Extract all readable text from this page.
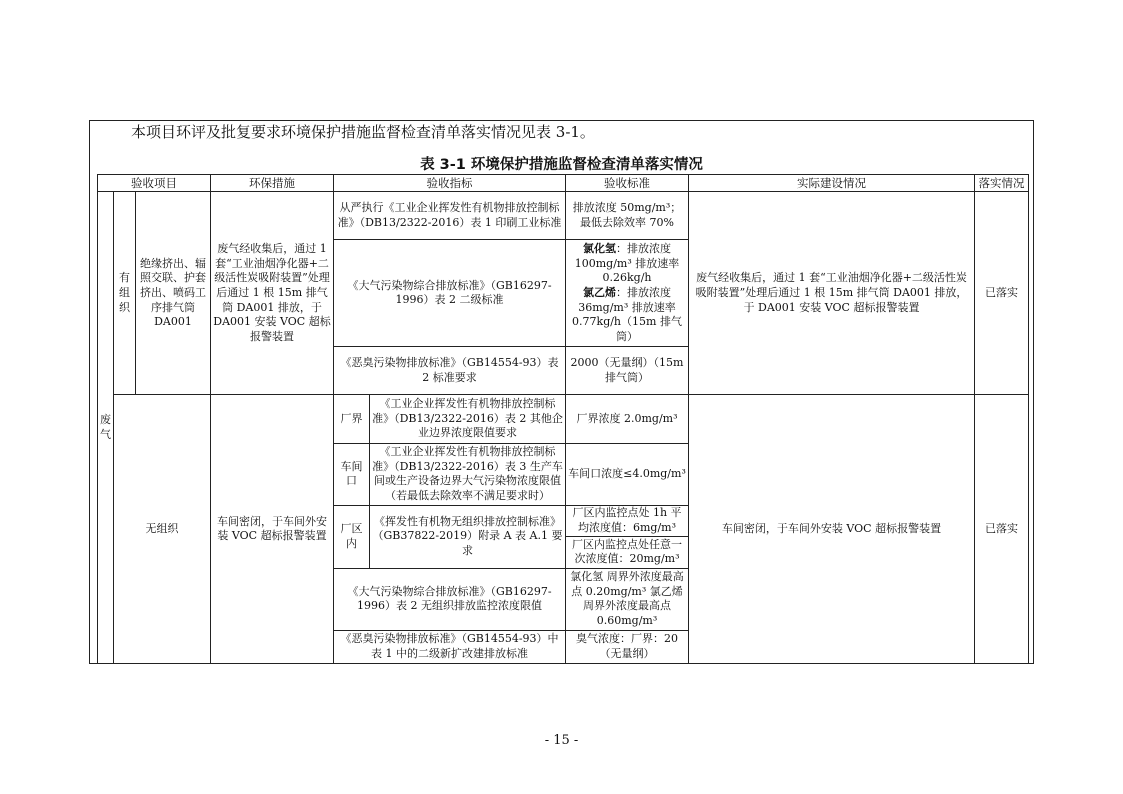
本项目环评及批复要求环境保护措施监督检查清单落实情况见表 3-1。
表 3-1 环境保护措施监督检查清单落实情况
验收项目			环保措施	验收指标		验收标准	实际建设情况	落实情况
废气	有组织	绝缘挤出、辐照交联、护套挤出、喷码工序排气筒DA001	废气经收集后，通过 1 套“工业油烟净化器+二级活性炭吸附装置”处理后通过 1 根 15m 排气筒 DA001 排放，于 DA001 安装 VOC 超标报警装置	从严执行《工业企业挥发性有机物排放控制标准》（DB13/2322-2016）表 1 印刷工业标准		排放浓度 50mg/m³；最低去除效率 70%	废气经收集后，通过 1 套“工业油烟净化器+二级活性炭吸附装置”处理后通过 1 根 15m 排气筒 DA001 排放，于 DA001 安装 VOC 超标报警装置	已落实
				《大气污染物综合排放标准》（GB16297-1996）表 2 二级标准		氯化氢：排放浓度 100mg/m³ 排放速率 0.26kg/h
氯乙烯：排放浓度 36mg/m³ 排放速率 0.77kg/h（15m 排气筒）		
				《恶臭污染物排放标准》（GB14554-93）表 2 标准要求		2000（无量纲）（15m 排气筒）		
	无组织		车间密闭，于车间外安装 VOC 超标报警装置	厂界	《工业企业挥发性有机物排放控制标准》（DB13/2322-2016）表 2 其他企业边界浓度限值要求	厂界浓度 2.0mg/m³	车间密闭，于车间外安装 VOC 超标报警装置	已落实
				车间口	《工业企业挥发性有机物排放控制标准》（DB13/2322-2016）表 3 生产车间或生产设备边界大气污染物浓度限值（若最低去除效率不满足要求时）	车间口浓度≤4.0mg/m³		
				厂区内	《挥发性有机物无组织排放控制标准》（GB37822-2019）附录 A 表 A.1 要求	厂区内监控点处 1h 平均浓度值：6mg/m³
厂区内监控点处任意一次浓度值：20mg/m³		

				《大气污染物综合排放标准》（GB16297-1996）表 2 无组织排放监控浓度限值		氯化氢 周界外浓度最高点 0.20mg/m³ 氯乙烯 周界外浓度最高点 0.60mg/m³		
				《恶臭污染物排放标准》（GB14554-93）中表 1 中的二级新扩改建排放标准		臭气浓度：厂界：20（无量纲）		
- 15 -
